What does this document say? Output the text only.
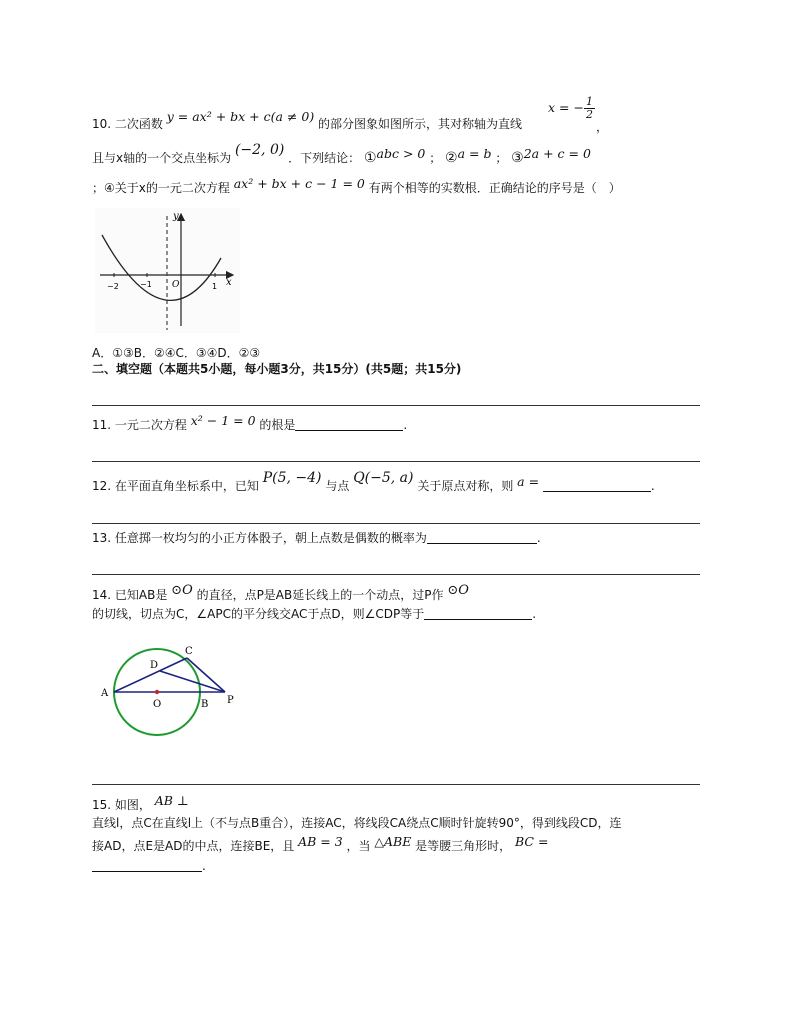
10. 二次函数 y = ax² + bx + c(a ≠ 0) 的部分图象如图所示，其对称轴为直线
x = − $\frac{1}{2}$
，
且与x轴的一个交点坐标为 (−2, 0) ．下列结论： ①abc > 0 ； ②a = b ； ③2a + c = 0
；④关于x的一元二次方程 ax² + bx + c − 1 = 0 有两个相等的实数根．正确结论的序号是（　）
y
x
O
−2	−1	1
A．①③B．②④C．③④D．②③
二、填空题（本题共5小题，每小题3分，共15分）(共5题；共15分)
11. 一元二次方程 x² − 1 = 0 的根是	.
12. 在平面直角坐标系中，已知 P(5, −4) 与点 Q(−5, a) 关于原点对称，则 a =	.
13. 任意掷一枚均匀的小正方体骰子，朝上点数是偶数的概率为	.
14. 已知AB是 ⊙O 的直径，点P是AB延长线上的一个动点，过P作 ⊙O
的切线，切点为C，∠APC的平分线交AC于点D，则∠CDP等于	.
A
O	B P
C
D
15. 如图， AB ⊥
直线l，点C在直线l上（不与点B重合），连接AC，将线段CA绕点C顺时针旋转90°，得到线段CD，连
接AD，点E是AD的中点，连接BE，且 AB = 3 ，当 △ABE 是等腰三角形时， BC =
.
